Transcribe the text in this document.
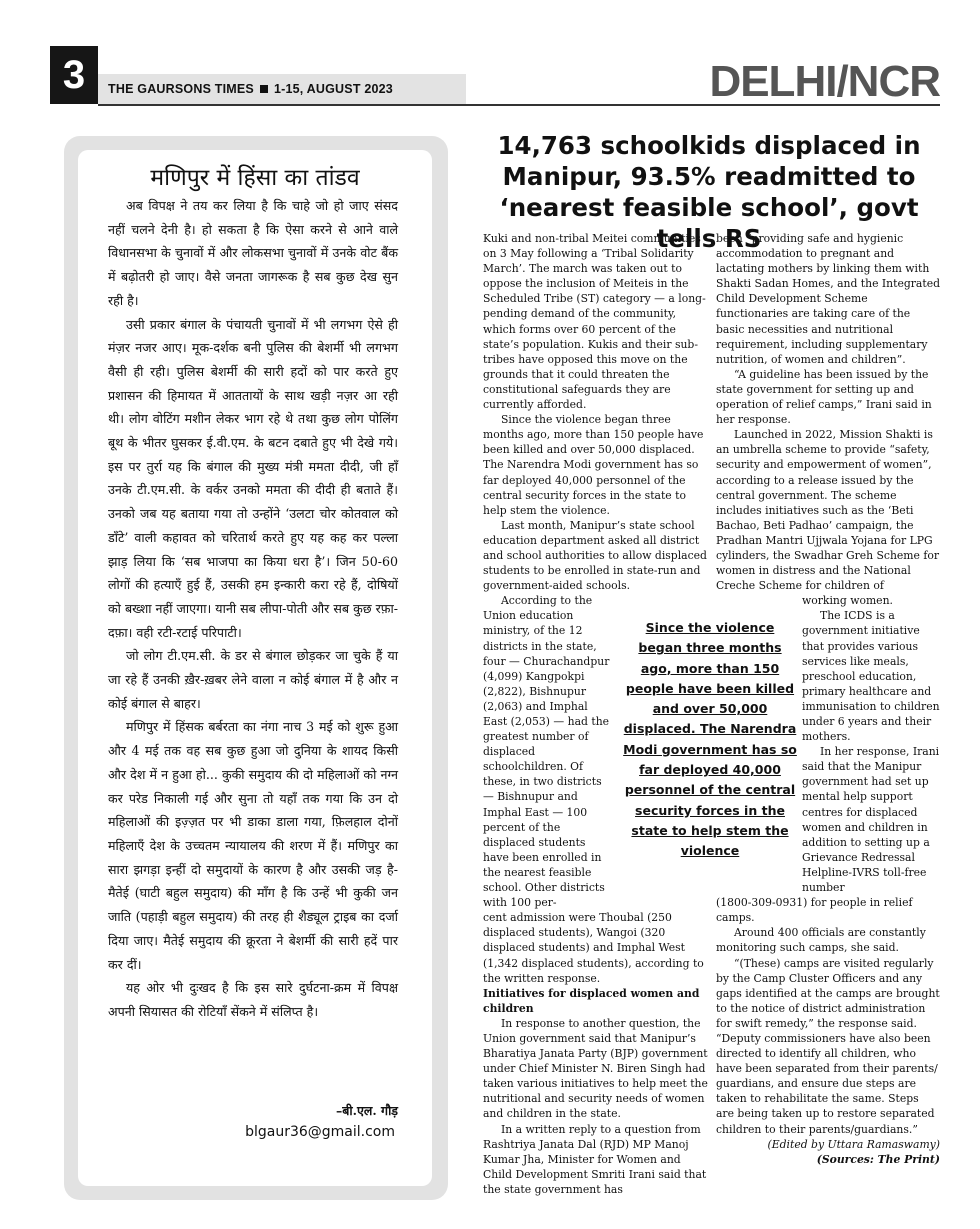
3	THE GAURSONS TIMES 1-15, AUGUST 2023	DELHI/NCR
मणिपुर में हिंसा का तांडव

अब विपक्ष ने तय कर लिया है कि चाहे जो हो जाए संसद नहीं चलने देनी है। हो सकता है कि ऐसा करने से आने वाले विधानसभा के चुनावों में और लोकसभा चुनावों में उनके वोट बैंक में बढ़ोतरी हो जाए। वैसे जनता जागरूक है सब कुछ देख सुन रही है।

उसी प्रकार बंगाल के पंचायती चुनावों में भी लगभग ऐसे ही मंज़र नजर आए। मूक-दर्शक बनी पुलिस की बेशर्मी भी लगभग वैसी ही रही। पुलिस बेशर्मी की सारी हदों को पार करते हुए प्रशासन की हिमायत में आततायों के साथ खड़ी नज़र आ रही थी। लोग वोटिंग मशीन लेकर भाग रहे थे तथा कुछ लोग पोलिंग बूथ के भीतर घुसकर ई.वी.एम. के बटन दबाते हुए भी देखे गये। इस पर तुर्रा यह कि बंगाल की मुख्य मंत्री ममता दीदी, जी हाँ उनके टी.एम.सी. के वर्कर उनको ममता की दीदी ही बताते हैं। उनको जब यह बताया गया तो उन्होंने ‘उलटा चोर कोतवाल को डाँटे’ वाली कहावत को चरितार्थ करते हुए यह कह कर पल्ला झाड़ लिया कि ‘सब भाजपा का किया धरा है’। जिन 50-60 लोगों की हत्याएँ हुई हैं, उसकी हम इन्कारी करा रहे हैं, दोषियों को बख्शा नहीं जाएगा। यानी सब लीपा-पोती और सब कुछ रफ़ा-दफ़ा। वही रटी-रटाई परिपाटी।

जो लोग टी.एम.सी. के डर से बंगाल छोड़कर जा चुके हैं या जा रहे हैं उनकी ख़ैर-ख़बर लेने वाला न कोई बंगाल में है और न कोई बंगाल से बाहर।

मणिपुर में हिंसक बर्बरता का नंगा नाच 3 मई को शुरू हुआ और 4 मई तक वह सब कुछ हुआ जो दुनिया के शायद किसी और देश में न हुआ हो... कुकी समुदाय की दो महिलाओं को नग्न कर परेड निकाली गई और सुना तो यहाँ तक गया कि उन दो महिलाओं की इज़्ज़त पर भी डाका डाला गया, फ़िलहाल दोनों महिलाएँ देश के उच्चतम न्यायालय की शरण में हैं। मणिपुर का सारा झगड़ा इन्हीं दो समुदायों के कारण है और उसकी जड़ है- मैतेई (घाटी बहुल समुदाय) की माँग है कि उन्हें भी कुकी जन जाति (पहाड़ी बहुल समुदाय) की तरह ही शैड्यूल ट्राइब का दर्जा दिया जाए। मैतेई समुदाय की क्रूरता ने बेशर्मी की सारी हदें पार कर दीं।

यह ओर भी दुःखद है कि इस सारे दुर्घटना-क्रम में विपक्ष अपनी सियासत की रोटियाँ सेंकने में संलिप्त है।

–बी.एल. गौड़
blgaur36@gmail.com
14,763 schoolkids displaced in Manipur, 93.5% readmitted to ‘nearest feasible school’, govt tells RS

Kuki and non-tribal Meitei communities on 3 May following a ‘Tribal Solidarity March’. The march was taken out to oppose the inclusion of Meiteis in the Scheduled Tribe (ST) category — a long-pending demand of the community, which forms over 60 percent of the state’s population. Kukis and their sub-tribes have opposed this move on the grounds that it could threaten the constitutional safeguards they are currently afforded.

Since the violence began three months ago, more than 150 people have been killed and over 50,000 displaced. The Narendra Modi government has so far deployed 40,000 personnel of the central security forces in the state to help stem the violence.

Last month, Manipur’s state school education department asked all district and school authorities to allow displaced students to be enrolled in state-run and government-aided schools.

According to the Union education ministry, of the 12 districts in the state, four — Churachandpur (4,099) Kangpokpi (2,822), Bishnupur (2,063) and Imphal East (2,053) — had the greatest number of displaced schoolchildren. Of these, in two districts — Bishnupur and Imphal East — 100 percent of the displaced students have been enrolled in the nearest feasible school. Other districts with 100 per-

cent admission were Thoubal (250 displaced students), Wangoi (320 displaced students) and Imphal West (1,342 displaced students), according to the written response.

Initiatives for displaced women and children

In response to another question, the Union government said that Manipur’s Bharatiya Janata Party (BJP) government under Chief Minister N. Biren Singh had taken various initiatives to help meet the nutritional and security needs of women and children in the state.

In a written reply to a question from Rashtriya Janata Dal (RJD) MP Manoj Kumar Jha, Minister for Women and Child Development Smriti Irani said that the state government has

been “providing safe and hygienic accommodation to pregnant and lactating mothers by linking them with Shakti Sadan Homes, and the Integrated Child Development Scheme functionaries are taking care of the basic necessities and nutritional requirement, including supplementary nutrition, of women and children”.

“A guideline has been issued by the state government for setting up and operation of relief camps,” Irani said in her response.

Launched in 2022, Mission Shakti is an umbrella scheme to provide “safety, security and empowerment of women”, according to a release issued by the central government. The scheme includes initiatives such as the ‘Beti Bachao, Beti Padhao’ campaign, the Pradhan Mantri Ujjwala Yojana for LPG cylinders, the Swadhar Greh Scheme for women in distress and the National Creche Scheme for children of

working women.

The ICDS is a government initiative that provides various services like meals, preschool education, primary healthcare and immunisation to children under 6 years and their mothers.

In her response, Irani said that the Manipur government had set up mental help support centres for displaced women and children in addition to setting up a Grievance Redressal Helpline-IVRS toll-free number

(1800-309-0931) for people in relief camps.

Around 400 officials are constantly monitoring such camps, she said.

“(These) camps are visited regularly by the Camp Cluster Officers and any gaps identified at the camps are brought to the notice of district administration for swift remedy,” the response said. “Deputy commissioners have also been directed to identify all children, who have been separated from their parents/ guardians, and ensure due steps are taken to rehabilitate the same. Steps are being taken up to restore separated children to their parents/guardians.”

(Edited by Uttara Ramaswamy)

(Sources: The Print)

Since the violence began three months ago, more than 150 people have been killed and over 50,000 displaced. The Narendra Modi government has so far deployed 40,000 personnel of the central security forces in the state to help stem the violence
